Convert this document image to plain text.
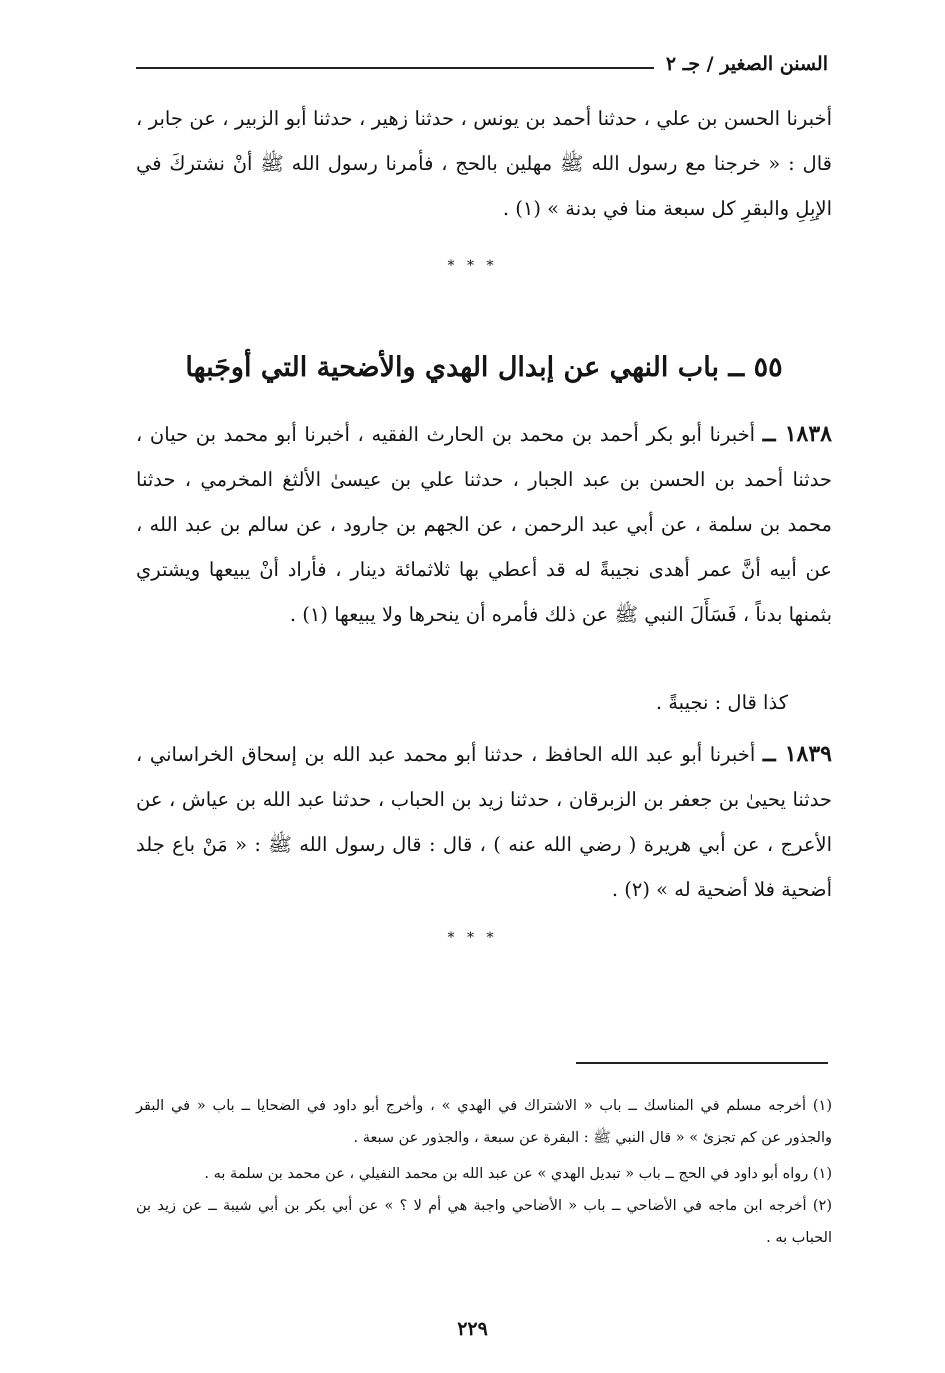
السنن الصغير / جـ ٢

أخبرنا الحسن بن علي ، حدثنا أحمد بن يونس ، حدثنا زهير ، حدثنا أبو الزبير ، عن جابر ، قال : « خرجنا مع رسول الله ﷺ مهلين بالحج ، فأمرنا رسول الله ﷺ أنْ نشتركَ في الإبِلِ والبقرِ كل سبعة منا في بدنة » (١) .

* * *
٥٥ ــ باب النهي عن إبدال الهدي والأضحية التي أوجَبها

١٨٣٨ ــ أخبرنا أبو بكر أحمد بن محمد بن الحارث الفقيه ، أخبرنا أبو محمد بن حيان ، حدثنا أحمد بن الحسن بن عبد الجبار ، حدثنا علي بن عيسىٰ الألثغ المخرمي ، حدثنا محمد بن سلمة ، عن أبي عبد الرحمن ، عن الجهم بن جارود ، عن سالم بن عبد الله ، عن أبيه أنَّ عمر أهدى نجيبةً له قد أعطي بها ثلاثمائة دينار ، فأراد أنْ يبيعها ويشتري بثمنها بدناً ، فَسَأَلَ النبي ﷺ عن ذلك فأمره أن ينحرها ولا يبيعها (١) .

كذا قال : نجيبةً .

١٨٣٩ ــ أخبرنا أبو عبد الله الحافظ ، حدثنا أبو محمد عبد الله بن إسحاق الخراساني ، حدثنا يحيىٰ بن جعفر بن الزبرقان ، حدثنا زيد بن الحباب ، حدثنا عبد الله بن عياش ، عن الأعرج ، عن أبي هريرة ( رضي الله عنه ) ، قال : قال رسول الله ﷺ : « مَنْ باع جلد أضحية فلا أضحية له » (٢) .

* * *

(١) أخرجه مسلم في المناسك ــ باب « الاشتراك في الهدي » ، وأخرج أبو داود في الضحايا ــ باب « في البقر والجذور عن كم تجزئ » « قال النبي ﷺ : البقرة عن سبعة ، والجذور عن سبعة .

(١) رواه أبو داود في الحج ــ باب « تبديل الهدي » عن عبد الله بن محمد النفيلي ، عن محمد بن سلمة به .

(٢) أخرجه ابن ماجه في الأضاحي ــ باب « الأضاحي واجبة هي أم لا ؟ » عن أبي بكر بن أبي شيبة ــ عن زيد بن الحباب به .

٢٢٩
